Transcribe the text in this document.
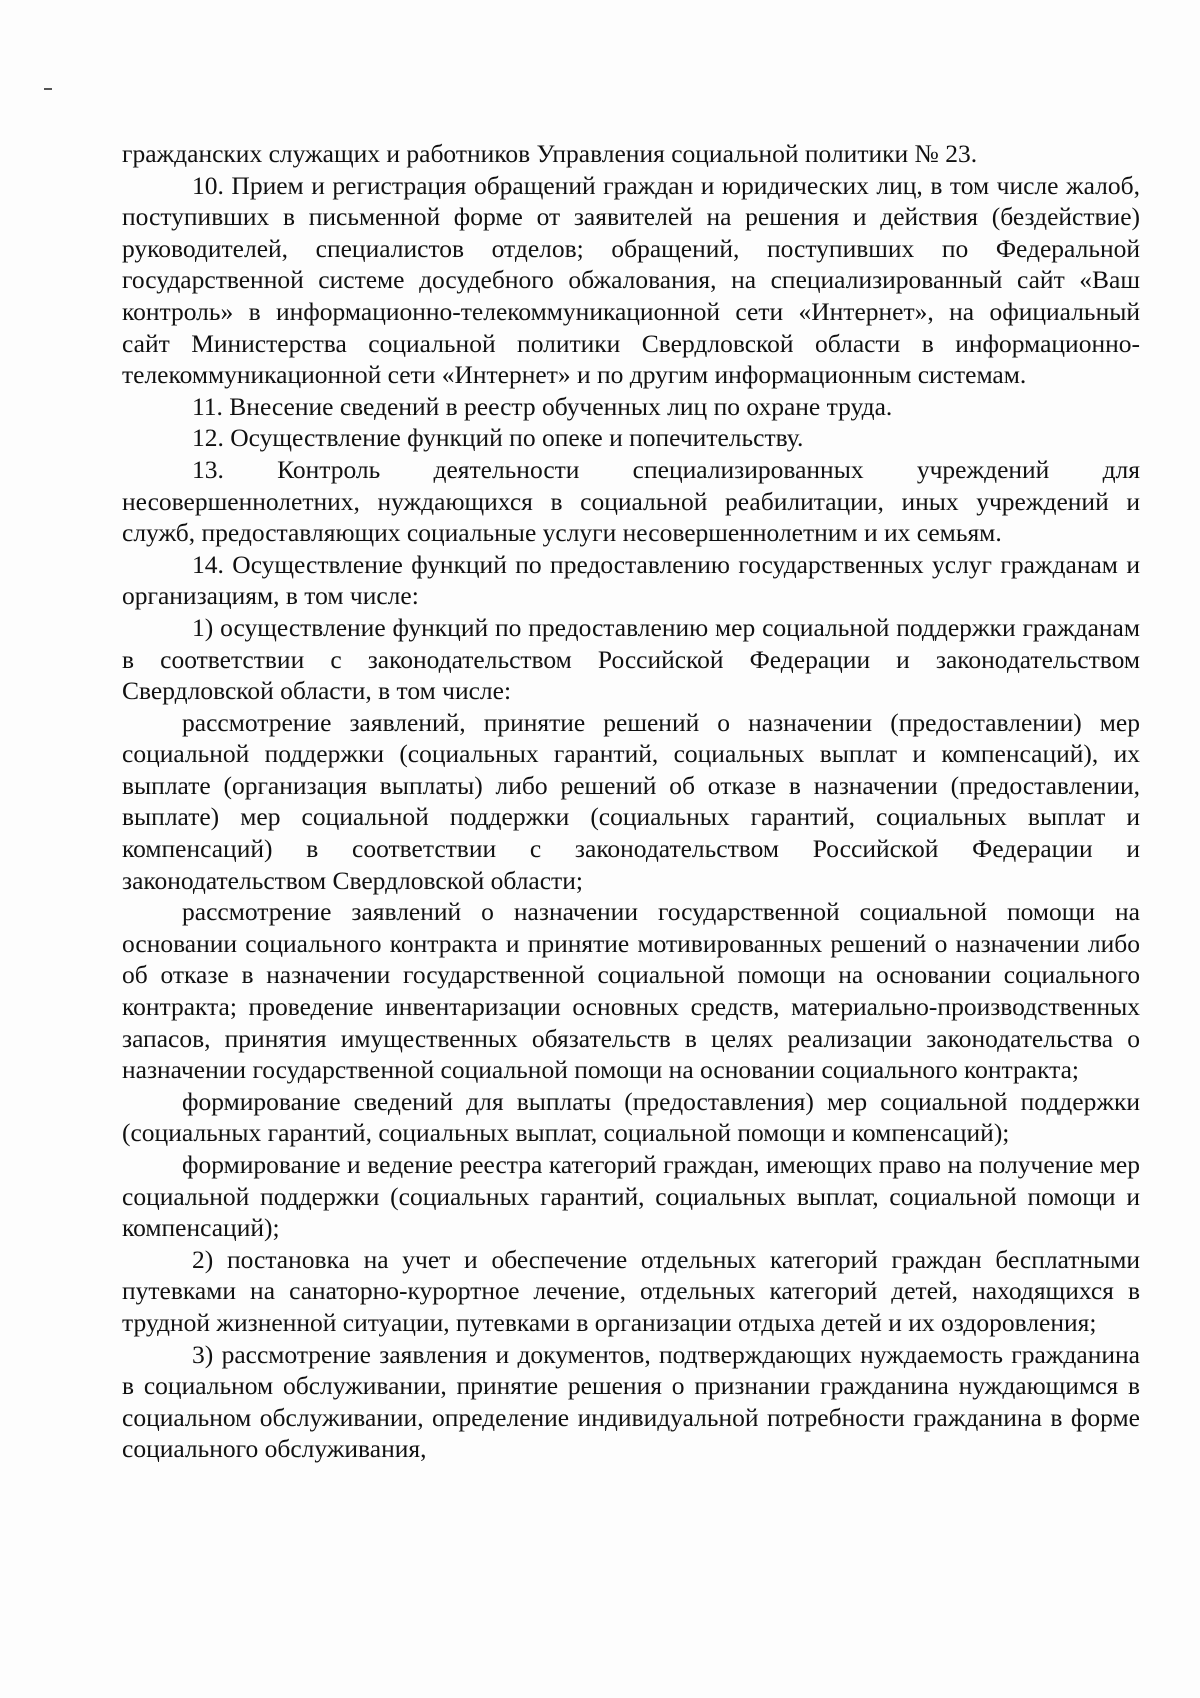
гражданских служащих и работников Управления социальной политики № 23.

10. Прием и регистрация обращений граждан и юридических лиц, в том числе жалоб, поступивших в письменной форме от заявителей на решения и действия (бездействие) руководителей, специалистов отделов; обращений, поступивших по Федеральной государственной системе досудебного обжалования, на специализированный сайт «Ваш контроль» в информационно-телекоммуникационной сети «Интернет», на официальный сайт Министерства социальной политики Свердловской области в информационно-телекоммуникационной сети «Интернет» и по другим информационным системам.

11. Внесение сведений в реестр обученных лиц по охране труда.

12. Осуществление функций по опеке и попечительству.

13. Контроль деятельности специализированных учреждений для несовершеннолетних, нуждающихся в социальной реабилитации, иных учреждений и служб, предоставляющих социальные услуги несовершеннолетним и их семьям.

14. Осуществление функций по предоставлению государственных услуг гражданам и организациям, в том числе:

1) осуществление функций по предоставлению мер социальной поддержки гражданам в соответствии с законодательством Российской Федерации и законодательством Свердловской области, в том числе:

рассмотрение заявлений, принятие решений о назначении (предоставлении) мер социальной поддержки (социальных гарантий, социальных выплат и компенсаций), их выплате (организация выплаты) либо решений об отказе в назначении (предоставлении, выплате) мер социальной поддержки (социальных гарантий, социальных выплат и компенсаций) в соответствии с законодательством Российской Федерации и законодательством Свердловской области;

рассмотрение заявлений о назначении государственной социальной помощи на основании социального контракта и принятие мотивированных решений о назначении либо об отказе в назначении государственной социальной помощи на основании социального контракта; проведение инвентаризации основных средств, материально-производственных запасов, принятия имущественных обязательств в целях реализации законодательства о назначении государственной социальной помощи на основании социального контракта;

формирование сведений для выплаты (предоставления) мер социальной поддержки (социальных гарантий, социальных выплат, социальной помощи и компенсаций);

формирование и ведение реестра категорий граждан, имеющих право на получение мер социальной поддержки (социальных гарантий, социальных выплат, социальной помощи и компенсаций);

2) постановка на учет и обеспечение отдельных категорий граждан бесплатными путевками на санаторно-курортное лечение, отдельных категорий детей, находящихся в трудной жизненной ситуации, путевками в организации отдыха детей и их оздоровления;

3) рассмотрение заявления и документов, подтверждающих нуждаемость гражданина в социальном обслуживании, принятие решения о признании гражданина нуждающимся в социальном обслуживании, определение индивидуальной потребности гражданина в форме социального обслуживания,
